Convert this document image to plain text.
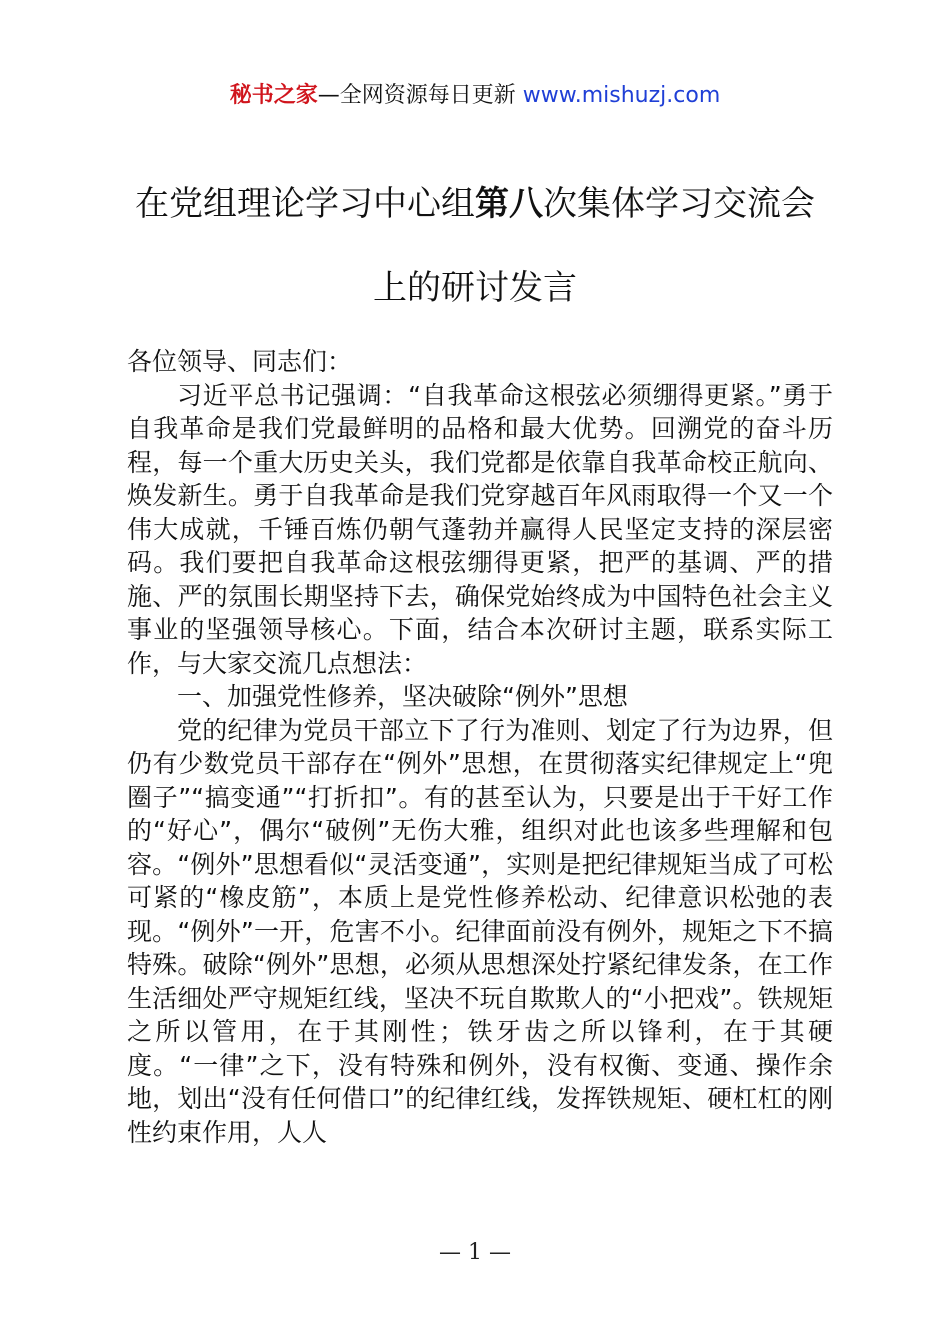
秘书之家—全网资源每日更新 www.mishuzj.com
在党组理论学习中心组第八次集体学习交流会
上的研讨发言

各位领导、同志们：

习近平总书记强调：“自我革命这根弦必须绷得更紧。”勇于自我革命是我们党最鲜明的品格和最大优势。回溯党的奋斗历程，每一个重大历史关头，我们党都是依靠自我革命校正航向、焕发新生。勇于自我革命是我们党穿越百年风雨取得一个又一个伟大成就，千锤百炼仍朝气蓬勃并赢得人民坚定支持的深层密码。我们要把自我革命这根弦绷得更紧，把严的基调、严的措施、严的氛围长期坚持下去，确保党始终成为中国特色社会主义事业的坚强领导核心。下面，结合本次研讨主题，联系实际工作，与大家交流几点想法：

一、加强党性修养，坚决破除“例外”思想

党的纪律为党员干部立下了行为准则、划定了行为边界，但仍有少数党员干部存在“例外”思想，在贯彻落实纪律规定上“兜圈子”“搞变通”“打折扣”。有的甚至认为，只要是出于干好工作的“好心”，偶尔“破例”无伤大雅，组织对此也该多些理解和包容。“例外”思想看似“灵活变通”，实则是把纪律规矩当成了可松可紧的“橡皮筋”，本质上是党性修养松动、纪律意识松弛的表现。“例外”一开，危害不小。纪律面前没有例外，规矩之下不搞特殊。破除“例外”思想，必须从思想深处拧紧纪律发条，在工作生活细处严守规矩红线，坚决不玩自欺欺人的“小把戏”。铁规矩之所以管用，在于其刚性；铁牙齿之所以锋利，在于其硬度。“一律”之下，没有特殊和例外，没有权衡、变通、操作余地，划出“没有任何借口”的纪律红线，发挥铁规矩、硬杠杠的刚性约束作用，人人

— 1 —
